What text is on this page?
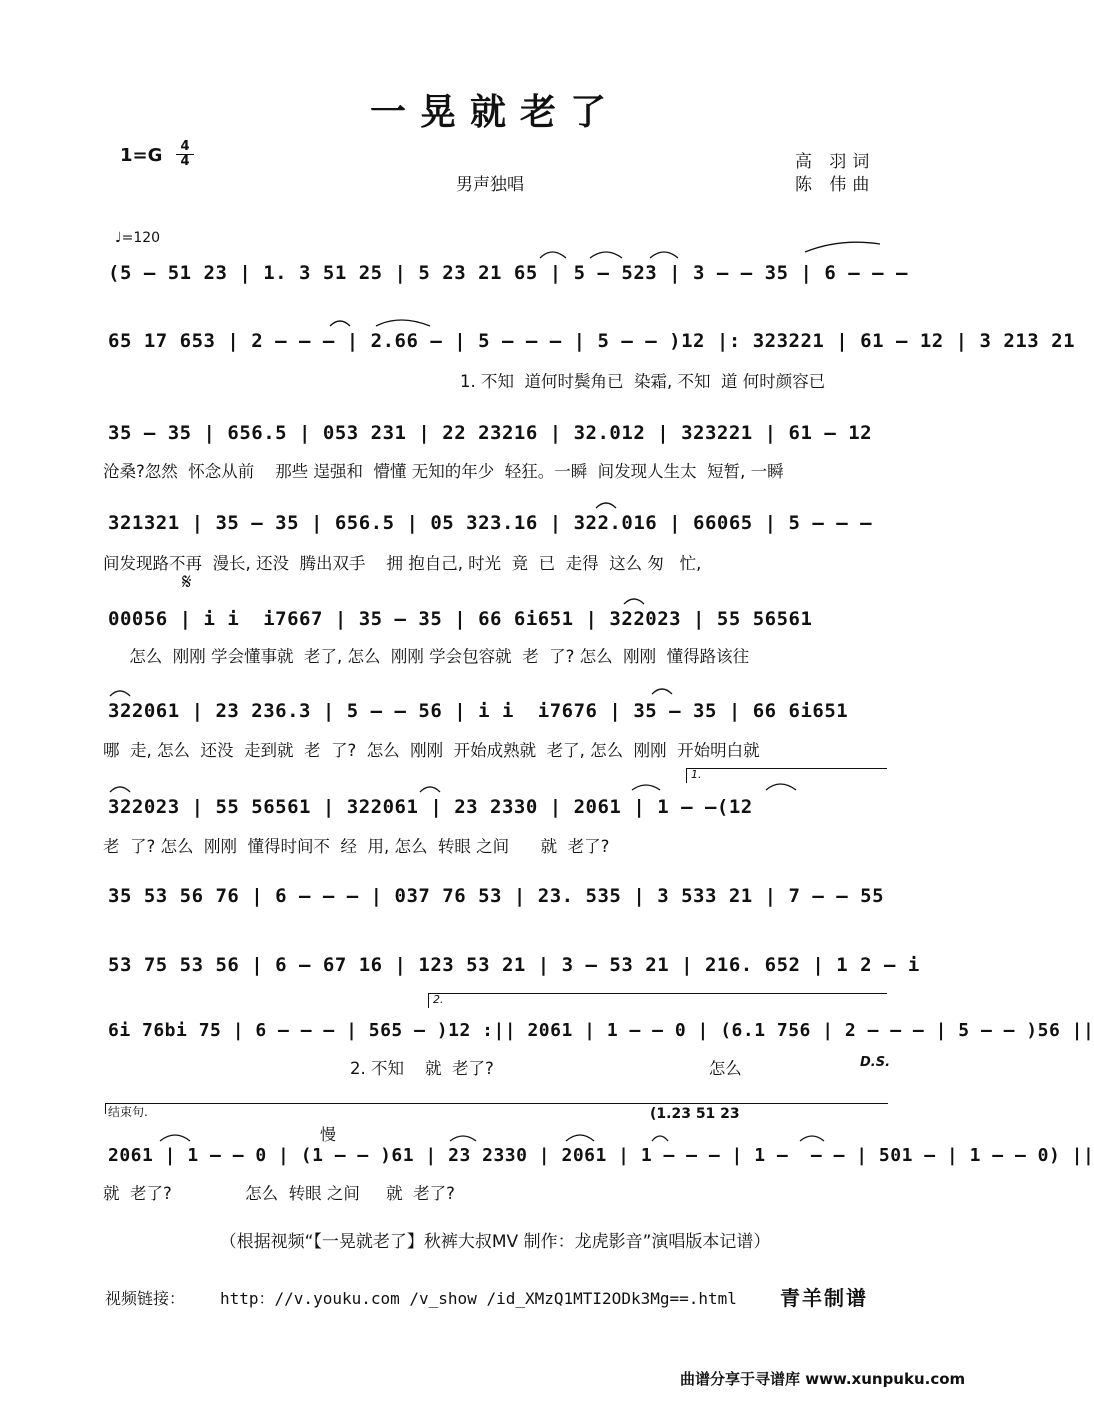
一晃就老了
1=G	4
4
男声独唱
高 羽词
陈 伟曲
♩=120
(5 – 51 23 | 1. 3 51 25 | 5 23 21 65 | 5 – 523 | 3 – – 35 | 6 – – –
65 17 653 | 2 – – – | 2.66 – | 5 – – – | 5 – – )12 |: 323221 | 61 – 12 | 3 213 21
1. 不知  道何时鬓角已  染霜, 不知  道 何时颜容已
35 – 35 | 656.5 | 053 231 | 22 23216 | 32.012 | 323221 | 61 – 12
沧桑?忽然  怀念从前    那些 逞强和  懵懂 无知的年少  轻狂。一瞬  间发现人生太  短暂, 一瞬
321321 | 35 – 35 | 656.5 | 05 323.16 | 322.016 | 66065 | 5 – – –
间发现路不再  漫长, 还没  腾出双手    拥 抱自己, 时光  竟  已  走得  这么 匆   忙,
𝄋
00056 | i i  i7667 | 35 – 35 | 66 6i651 | 322023 | 55 56561
怎么  刚刚 学会懂事就  老了, 怎么  刚刚 学会包容就  老  了? 怎么  刚刚  懂得路该往
322061 | 23 236.3 | 5 – – 56 | i i  i7676 | 35 – 35 | 66 6i651
哪  走, 怎么  还没  走到就  老  了?  怎么  刚刚  开始成熟就  老了, 怎么  刚刚  开始明白就
1.
322023 | 55 56561 | 322061 | 23 2330 | 2061 | 1 – –(12
老  了? 怎么  刚刚  懂得时间不  经  用, 怎么  转眼 之间      就  老了?
35 53 56 76 | 6 – – – | 037 76 53 | 23. 535 | 3 533 21 | 7 – – 55
53 75 53 56 | 6 – 67 16 | 123 53 21 | 3 – 53 21 | 216. 652 | 1 2 – i
2.
6i 76bi 75 | 6 – – – | 565 – )12 :|| 2061 | 1 – – 0 | (6.1 756 | 2 – – – | 5 – – )56 ||
2. 不知    就  老了?                                         怎么	D.S.
结束句.	(1.23 51 23
慢
2061 | 1 – – 0 | (1 – – )61 | 23 2330 | 2061 | 1 – – – | 1 –  – – | 501 – | 1 – – 0) ||
就  老了?              怎么  转眼 之间     就  老了?
（根据视频“【一晃就老了】秋裤大叔MV 制作：龙虎影音”演唱版本记谱）
视频链接： http：//v.youku.com /v_show /id_XMzQ1MTI2ODk3Mg==.html 青羊制谱
曲谱分享于寻谱库 www.xunpuku.com
